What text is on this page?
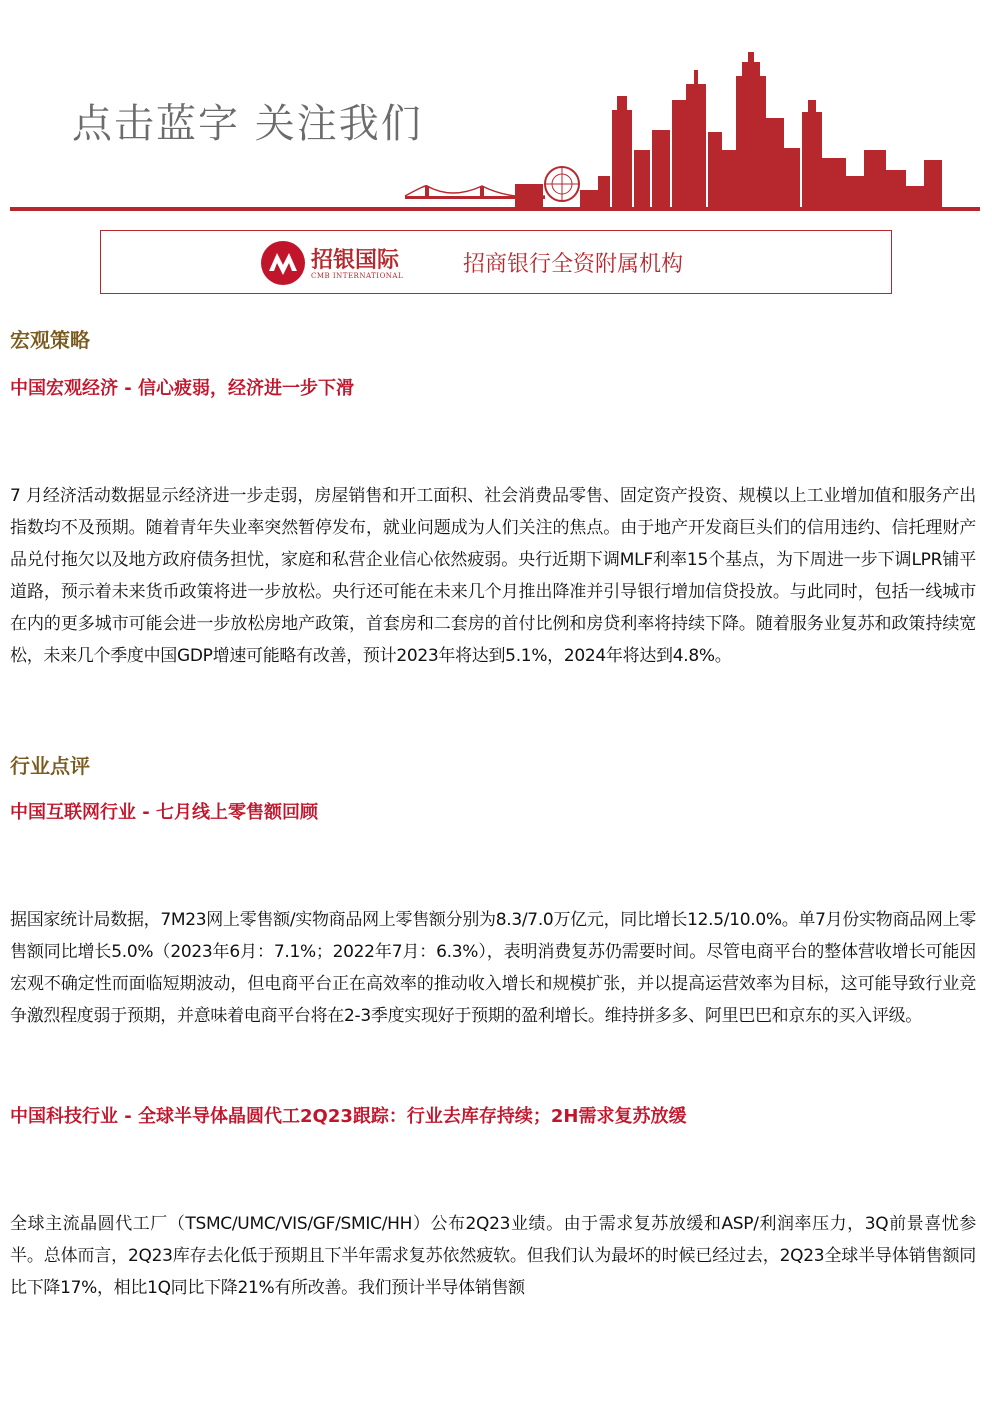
点击蓝字 关注我们
招银国际
CMB INTERNATIONAL	招商银行全资附属机构
宏观策略
中国宏观经济 - 信心疲弱，经济进一步下滑

7 月经济活动数据显示经济进一步走弱，房屋销售和开工面积、社会消费品零售、固定资产投资、规模以上工业增加值和服务产出指数均不及预期。随着青年失业率突然暂停发布，就业问题成为人们关注的焦点。由于地产开发商巨头们的信用违约、信托理财产品兑付拖欠以及地方政府债务担忧，家庭和私营企业信心依然疲弱。央行近期下调MLF利率15个基点，为下周进一步下调LPR铺平道路，预示着未来货币政策将进一步放松。央行还可能在未来几个月推出降准并引导银行增加信贷投放。与此同时，包括一线城市在内的更多城市可能会进一步放松房地产政策，首套房和二套房的首付比例和房贷利率将持续下降。随着服务业复苏和政策持续宽松，未来几个季度中国GDP增速可能略有改善，预计2023年将达到5.1%，2024年将达到4.8%。

行业点评
中国互联网行业 - 七月线上零售额回顾

据国家统计局数据，7M23网上零售额/实物商品网上零售额分别为8.3/7.0万亿元，同比增长12.5/10.0%。单7月份实物商品网上零售额同比增长5.0%（2023年6月：7.1%；2022年7月：6.3%），表明消费复苏仍需要时间。尽管电商平台的整体营收增长可能因宏观不确定性而面临短期波动，但电商平台正在高效率的推动收入增长和规模扩张，并以提高运营效率为目标，这可能导致行业竞争激烈程度弱于预期，并意味着电商平台将在2-3季度实现好于预期的盈利增长。维持拼多多、阿里巴巴和京东的买入评级。

中国科技行业 - 全球半导体晶圆代工2Q23跟踪：行业去库存持续；2H需求复苏放缓

全球主流晶圆代工厂（TSMC/UMC/VIS/GF/SMIC/HH）公布2Q23业绩。由于需求复苏放缓和ASP/利润率压力，3Q前景喜忧参半。总体而言，2Q23库存去化低于预期且下半年需求复苏依然疲软。但我们认为最坏的时候已经过去，2Q23全球半导体销售额同比下降17%，相比1Q同比下降21%有所改善。我们预计半导体销售额
